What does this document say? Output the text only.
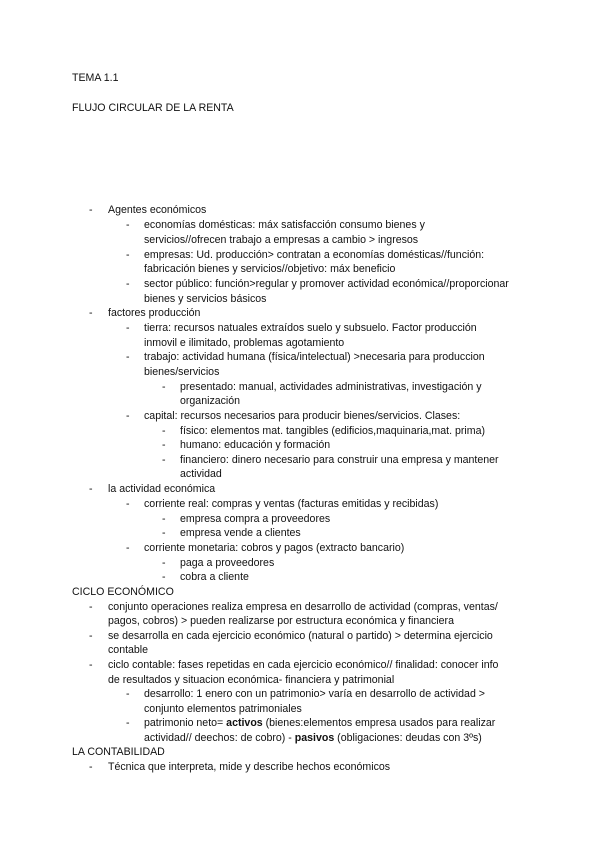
TEMA 1.1
FLUJO CIRCULAR DE LA RENTA
-	Agentes económicos
-	economías domésticas: máx satisfacción consumo bienes y
servicios//ofrecen trabajo a empresas a cambio > ingresos
-	empresas: Ud. producción> contratan a economías domésticas//función:
fabricación bienes y servicios//objetivo: máx beneficio
-	sector público: función>regular y promover actividad económica//proporcionar
bienes y servicios básicos
-	factores producción
-	tierra: recursos natuales extraídos suelo y subsuelo. Factor producción
inmovil e ilimitado, problemas agotamiento
-	trabajo: actividad humana (física/intelectual) >necesaria para produccion
bienes/servicios
-	presentado: manual, actividades administrativas, investigación y
organización
-	capital: recursos necesarios para producir bienes/servicios. Clases:
-	físico: elementos mat. tangibles (edificios,maquinaria,mat. prima)
-	humano: educación y formación
-	financiero: dinero necesario para construir una empresa y mantener
actividad
-	la actividad económica
-	corriente real: compras y ventas (facturas emitidas y recibidas)
-	empresa compra a proveedores
-	empresa vende a clientes
-	corriente monetaria: cobros y pagos (extracto bancario)
-	paga a proveedores
-	cobra a cliente
CICLO ECONÓMICO
-	conjunto operaciones realiza empresa en desarrollo de actividad (compras, ventas/
pagos, cobros) > pueden realizarse por estructura económica y financiera
-	se desarrolla en cada ejercicio económico (natural o partido) > determina ejercicio
contable
-	ciclo contable: fases repetidas en cada ejercicio económico// finalidad: conocer info
de resultados y situacion económica- financiera y patrimonial
-	desarrollo: 1 enero con un patrimonio> varía en desarrollo de actividad >
conjunto elementos patrimoniales
-	patrimonio neto= activos (bienes:elementos empresa usados para realizar
actividad// deechos: de cobro) - pasivos (obligaciones: deudas con 3ºs)
LA CONTABILIDAD
-	Técnica que interpreta, mide y describe hechos económicos
